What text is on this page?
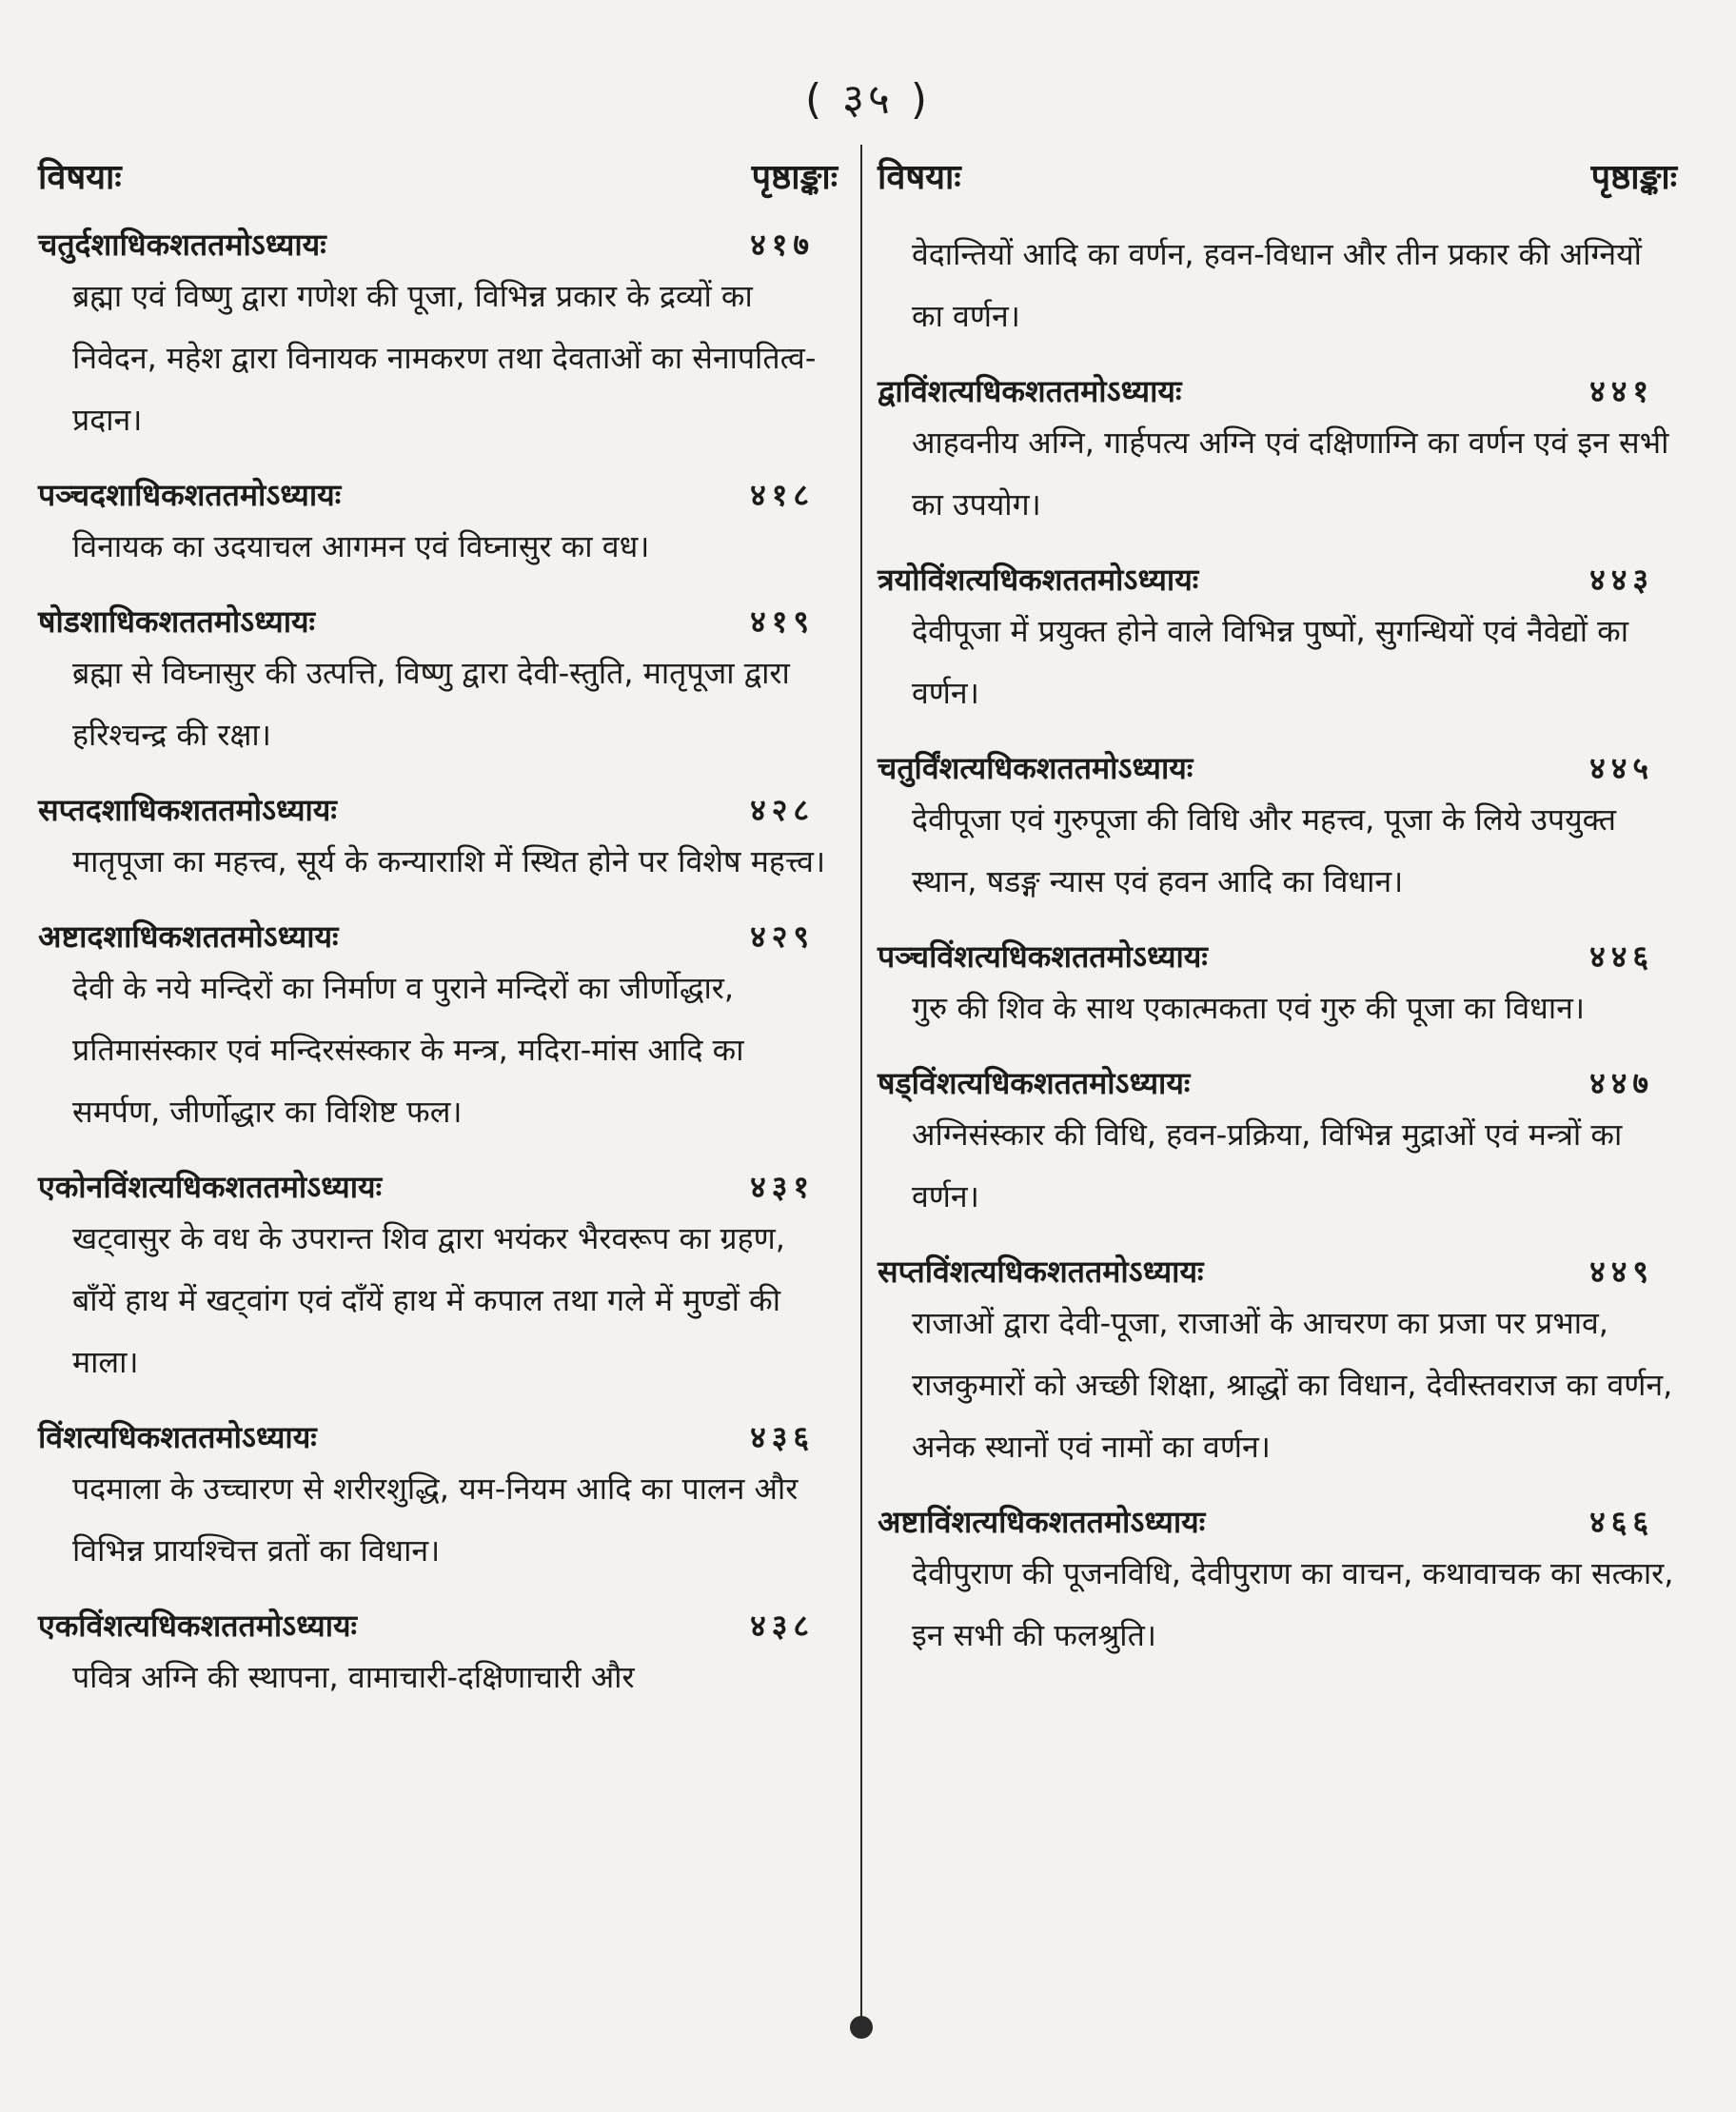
( ३५ )
विषयाः	पृष्ठाङ्काः
चतुर्दशाधिकशततमोऽध्यायः	४१७
ब्रह्मा एवं विष्णु द्वारा गणेश की पूजा, विभिन्न प्रकार के द्रव्यों का निवेदन, महेश द्वारा विनायक नामकरण तथा देवताओं का सेनापतित्व-प्रदान।
पञ्चदशाधिकशततमोऽध्यायः	४१८
विनायक का उदयाचल आगमन एवं विघ्नासुर का वध।
षोडशाधिकशततमोऽध्यायः	४१९
ब्रह्मा से विघ्नासुर की उत्पत्ति, विष्णु द्वारा देवी-स्तुति, मातृपूजा द्वारा हरिश्चन्द्र की रक्षा।
सप्तदशाधिकशततमोऽध्यायः	४२८
मातृपूजा का महत्त्व, सूर्य के कन्याराशि में स्थित होने पर विशेष महत्त्व।
अष्टादशाधिकशततमोऽध्यायः	४२९
देवी के नये मन्दिरों का निर्माण व पुराने मन्दिरों का जीर्णोद्धार, प्रतिमासंस्कार एवं मन्दिरसंस्कार के मन्त्र, मदिरा-मांस आदि का समर्पण, जीर्णोद्धार का विशिष्ट फल।
एकोनविंशत्यधिकशततमोऽध्यायः	४३१
खट्वासुर के वध के उपरान्त शिव द्वारा भयंकर भैरवरूप का ग्रहण, बाँयें हाथ में खट्वांग एवं दाँयें हाथ में कपाल तथा गले में मुण्डों की माला।
विंशत्यधिकशततमोऽध्यायः	४३६
पदमाला के उच्चारण से शरीरशुद्धि, यम-नियम आदि का पालन और विभिन्न प्रायश्चित्त व्रतों का विधान।
एकविंशत्यधिकशततमोऽध्यायः	४३८
पवित्र अग्नि की स्थापना, वामाचारी-दक्षिणाचारी और
विषयाः	पृष्ठाङ्काः
वेदान्तियों आदि का वर्णन, हवन-विधान और तीन प्रकार की अग्नियों का वर्णन।
द्वाविंशत्यधिकशततमोऽध्यायः	४४१
आहवनीय अग्नि, गार्हपत्य अग्नि एवं दक्षिणाग्नि का वर्णन एवं इन सभी का उपयोग।
त्रयोविंशत्यधिकशततमोऽध्यायः	४४३
देवीपूजा में प्रयुक्त होने वाले विभिन्न पुष्पों, सुगन्धियों एवं नैवेद्यों का वर्णन।
चतुर्विंशत्यधिकशततमोऽध्यायः	४४५
देवीपूजा एवं गुरुपूजा की विधि और महत्त्व, पूजा के लिये उपयुक्त स्थान, षडङ्ग न्यास एवं हवन आदि का विधान।
पञ्चविंशत्यधिकशततमोऽध्यायः	४४६
गुरु की शिव के साथ एकात्मकता एवं गुरु की पूजा का विधान।
षड्विंशत्यधिकशततमोऽध्यायः	४४७
अग्निसंस्कार की विधि, हवन-प्रक्रिया, विभिन्न मुद्राओं एवं मन्त्रों का वर्णन।
सप्तविंशत्यधिकशततमोऽध्यायः	४४९
राजाओं द्वारा देवी-पूजा, राजाओं के आचरण का प्रजा पर प्रभाव, राजकुमारों को अच्छी शिक्षा, श्राद्धों का विधान, देवीस्तवराज का वर्णन, अनेक स्थानों एवं नामों का वर्णन।
अष्टाविंशत्यधिकशततमोऽध्यायः	४६६
देवीपुराण की पूजनविधि, देवीपुराण का वाचन, कथावाचक का सत्कार, इन सभी की फलश्रुति।
